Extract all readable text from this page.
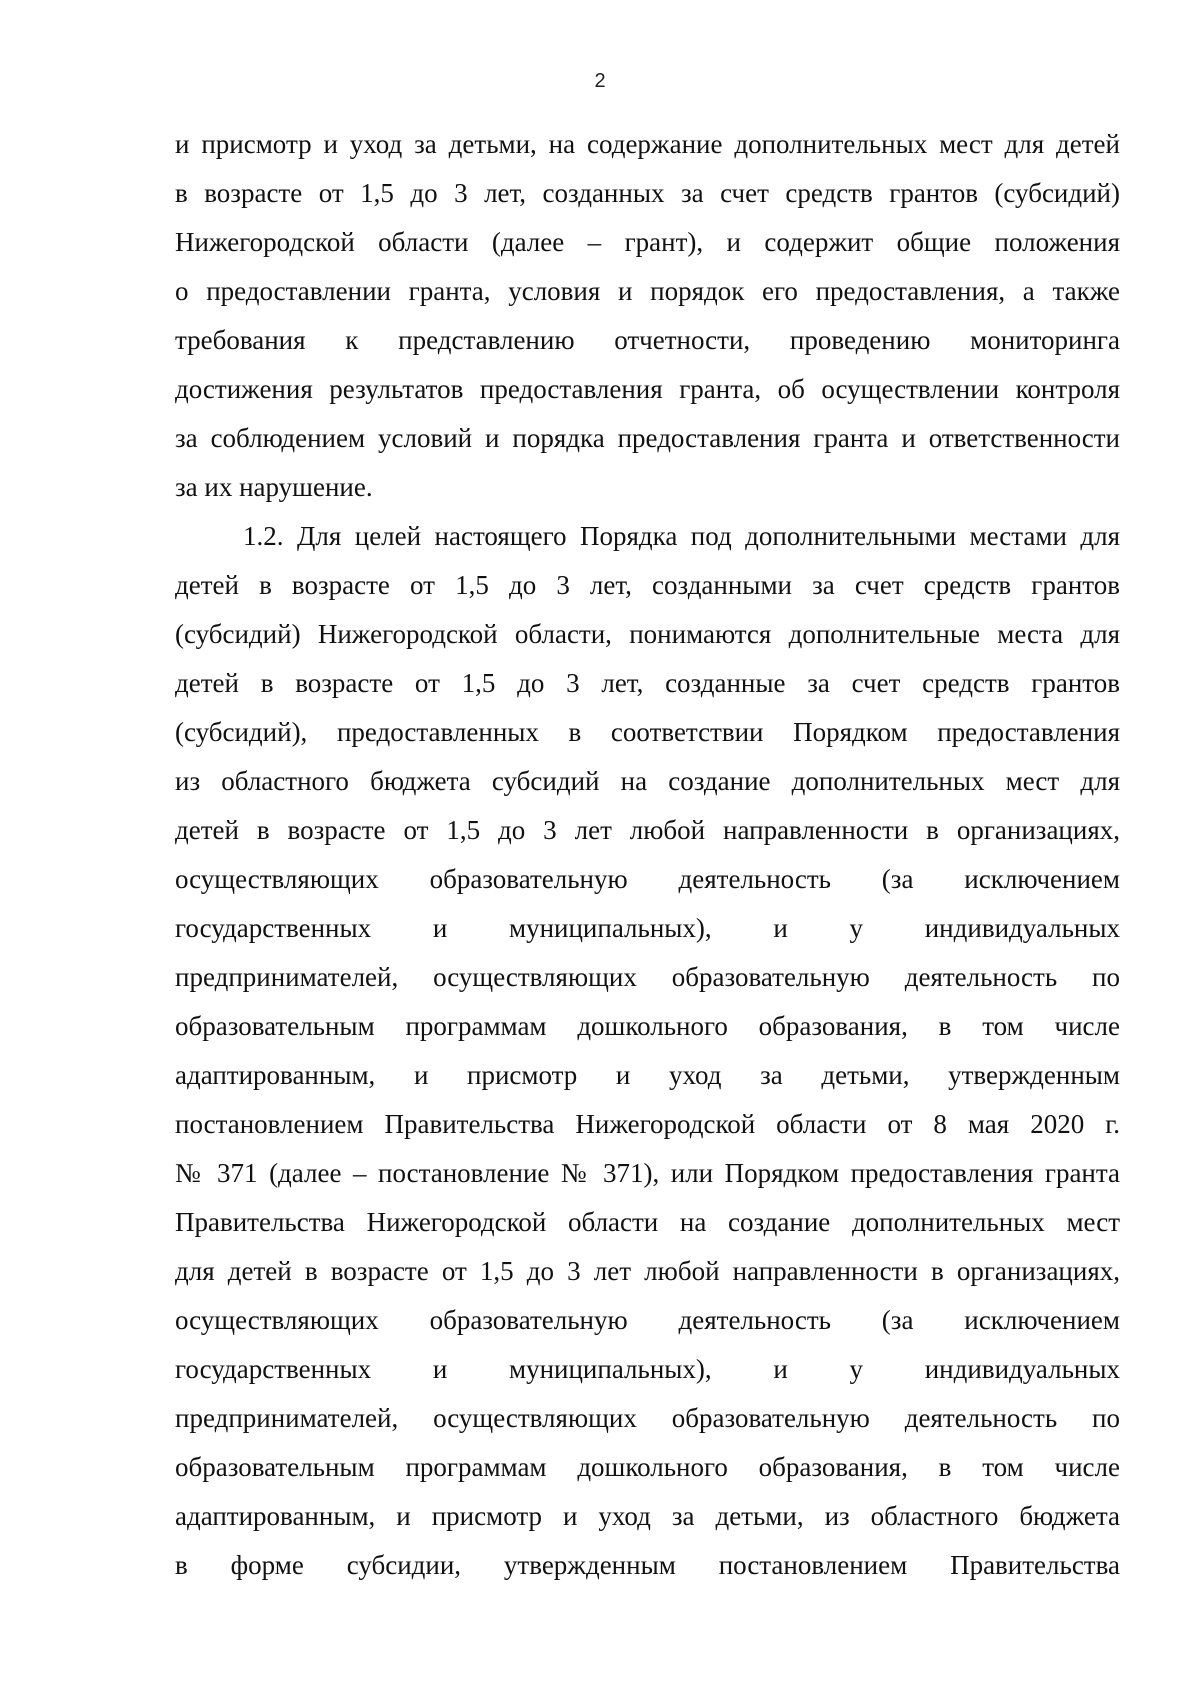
2
и присмотр и уход за детьми, на содержание дополнительных мест для детей
в возрасте от 1,5 до 3 лет, созданных за счет средств грантов (субсидий)
Нижегородской области (далее – грант), и содержит общие положения
о предоставлении гранта, условия и порядок его предоставления, а также
требования к представлению отчетности, проведению мониторинга
достижения результатов предоставления гранта, об осуществлении контроля
за соблюдением условий и порядка предоставления гранта и ответственности
за их нарушение.
1.2. Для целей настоящего Порядка под дополнительными местами для
детей в возрасте от 1,5 до 3 лет, созданными за счет средств грантов
(субсидий) Нижегородской области, понимаются дополнительные места для
детей в возрасте от 1,5 до 3 лет, созданные за счет средств грантов
(субсидий), предоставленных в соответствии Порядком предоставления
из областного бюджета субсидий на создание дополнительных мест для
детей в возрасте от 1,5 до 3 лет любой направленности в организациях,
осуществляющих образовательную деятельность (за исключением
государственных и муниципальных), и у индивидуальных
предпринимателей, осуществляющих образовательную деятельность по
образовательным программам дошкольного образования, в том числе
адаптированным, и присмотр и уход за детьми, утвержденным
постановлением Правительства Нижегородской области от 8 мая 2020 г.
№ 371 (далее – постановление № 371), или Порядком предоставления гранта
Правительства Нижегородской области на создание дополнительных мест
для детей в возрасте от 1,5 до 3 лет любой направленности в организациях,
осуществляющих образовательную деятельность (за исключением
государственных и муниципальных), и у индивидуальных
предпринимателей, осуществляющих образовательную деятельность по
образовательным программам дошкольного образования, в том числе
адаптированным, и присмотр и уход за детьми, из областного бюджета
в форме субсидии, утвержденным постановлением Правительства
